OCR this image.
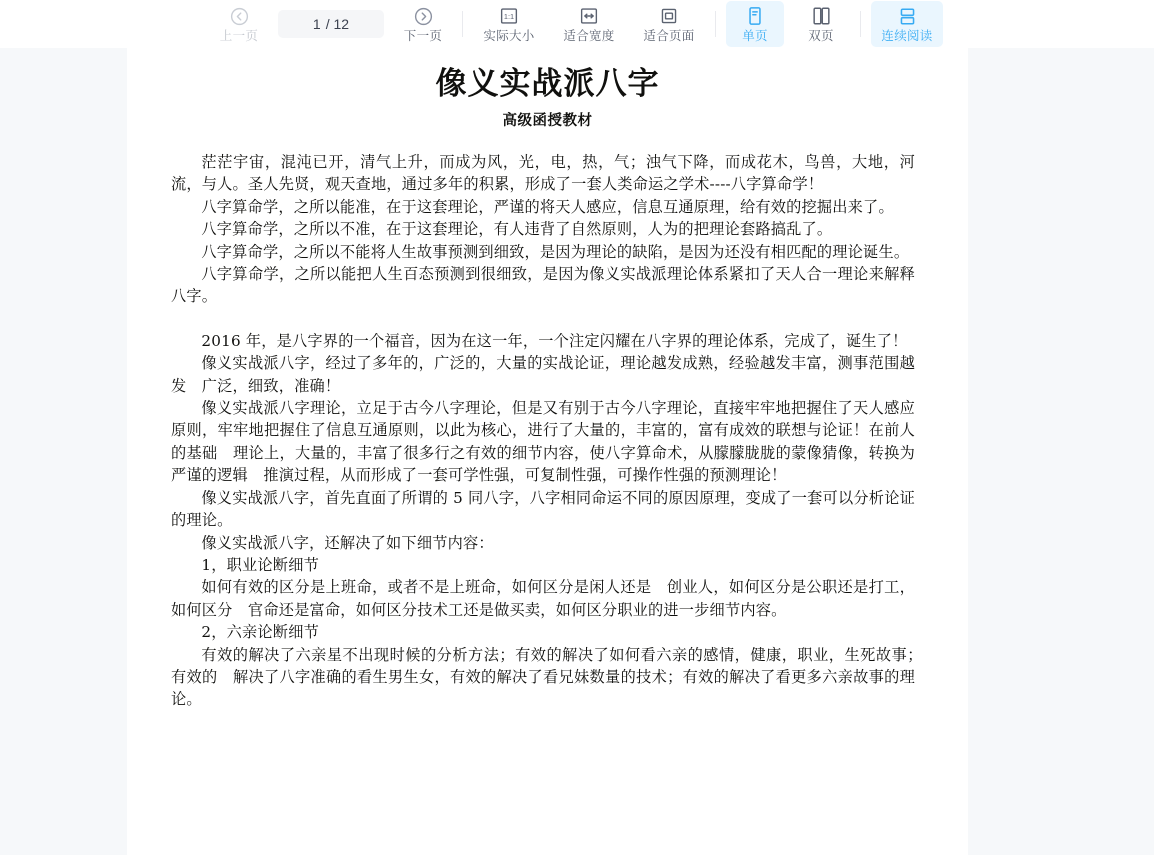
上一页
1 / 12
下一页
1:1
实际大小 适合宽度 适合页面	单页	双页	连续阅读
像义实战派八字
高级函授教材

茫茫宇宙，混沌已开，清气上升，而成为风，光，电，热，气；浊气下降，而成花木，鸟兽，大地，河流，与人。圣人先贤，观天查地，通过多年的积累，形成了一套人类命运之学术----八字算命学！

八字算命学，之所以能准，在于这套理论，严谨的将天人感应，信息互通原理，给有效的挖掘出来了。

八字算命学，之所以不准，在于这套理论，有人违背了自然原则，人为的把理论套路搞乱了。

八字算命学，之所以不能将人生故事预测到细致，是因为理论的缺陷，是因为还没有相匹配的理论诞生。

八字算命学，之所以能把人生百态预测到很细致，是因为像义实战派理论体系紧扣了天人合一理论来解释八字。

2016 年，是八字界的一个福音，因为在这一年，一个注定闪耀在八字界的理论体系，完成了，诞生了！

像义实战派八字，经过了多年的，广泛的，大量的实战论证，理论越发成熟，经验越发丰富，测事范围越发　广泛，细致，准确！

像义实战派八字理论，立足于古今八字理论，但是又有别于古今八字理论，直接牢牢地把握住了天人感应原则，牢牢地把握住了信息互通原则，以此为核心，进行了大量的，丰富的，富有成效的联想与论证！在前人　的基础　理论上，大量的，丰富了很多行之有效的细节内容，使八字算命术，从朦朦胧胧的蒙像猜像，转换为严谨的逻辑　推演过程，从而形成了一套可学性强，可复制性强，可操作性强的预测理论！

像义实战派八字，首先直面了所谓的 5 同八字，八字相同命运不同的原因原理，变成了一套可以分析论证的理论。

像义实战派八字，还解决了如下细节内容：

1，职业论断细节

如何有效的区分是上班命，或者不是上班命，如何区分是闲人还是　创业人，如何区分是公职还是打工，如何区分　官命还是富命，如何区分技术工还是做买卖，如何区分职业的进一步细节内容。

2，六亲论断细节

有效的解决了六亲星不出现时候的分析方法；有效的解决了如何看六亲的感情，健康，职业，生死故事；　有效的　解决了八字准确的看生男生女，有效的解决了看兄妹数量的技术；有效的解决了看更多六亲故事的理论。
